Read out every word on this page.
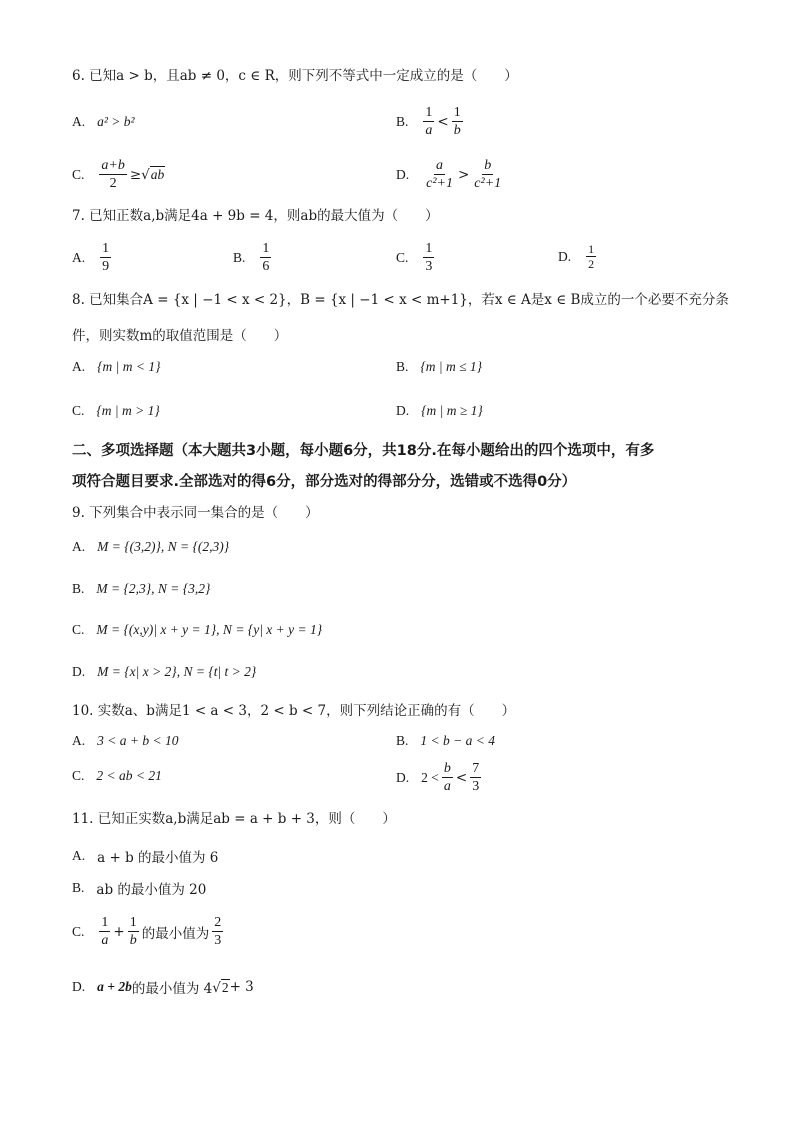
6. 已知a > b，且ab ≠ 0，c ∈ R，则下列不等式中一定成立的是（　　）
A. a² > b²	B. $\frac{1}{a} < \frac{1}{b}$
C. $\frac{a+b}{2} \ge √ab$	D. $\frac{a}{\text{c²+1}} > \frac{b}{\text{c²+1}}$
7. 已知正数a,b满足4a + 9b = 4，则ab的最大值为（　　）
A. $\frac{1}{9}$	B. $\frac{1}{6}$	C. $\frac{1}{3}$	D. $\frac{1}{2}$
8. 已知集合A = {x | −1 < x < 2}，B = {x | −1 < x < m+1}，若x ∈ A是x ∈ B成立的一个必要不充分条
件，则实数m的取值范围是（　　）
A. {m | m < 1}	B. {m | m ≤ 1}
C. {m | m > 1}	D. {m | m ≥ 1}
二、多项选择题（本大题共3小题，每小题6分，共18分.在每小题给出的四个选项中，有多
项符合题目要求.全部选对的得6分，部分选对的得部分分，选错或不选得0分）
9. 下列集合中表示同一集合的是（　　）
A. M = {(3,2)}, N = {(2,3)}
B. M = {2,3}, N = {3,2}
C. M = {(x,y)| x + y = 1}, N = {y| x + y = 1}
D. M = {x| x > 2}, N = {t| t > 2}
10. 实数a、b满足1 < a < 3，2 < b < 7，则下列结论正确的有（　　）
A. 3 < a + b < 10	B. 1 < b − a < 4
C. 2 < ab < 21	D. $2 < \frac{b}{a} < \frac{7}{3}$
11. 已知正实数a,b满足ab = a + b + 3，则（　　）
A. a + b 的最小值为 6
B. ab 的最小值为 20
C. $\frac{1}{a} + \frac{1}{b}$ 的最小值为 $\frac{2}{3}$
D. a + 2b 的最小值为 4 √2 + 3
